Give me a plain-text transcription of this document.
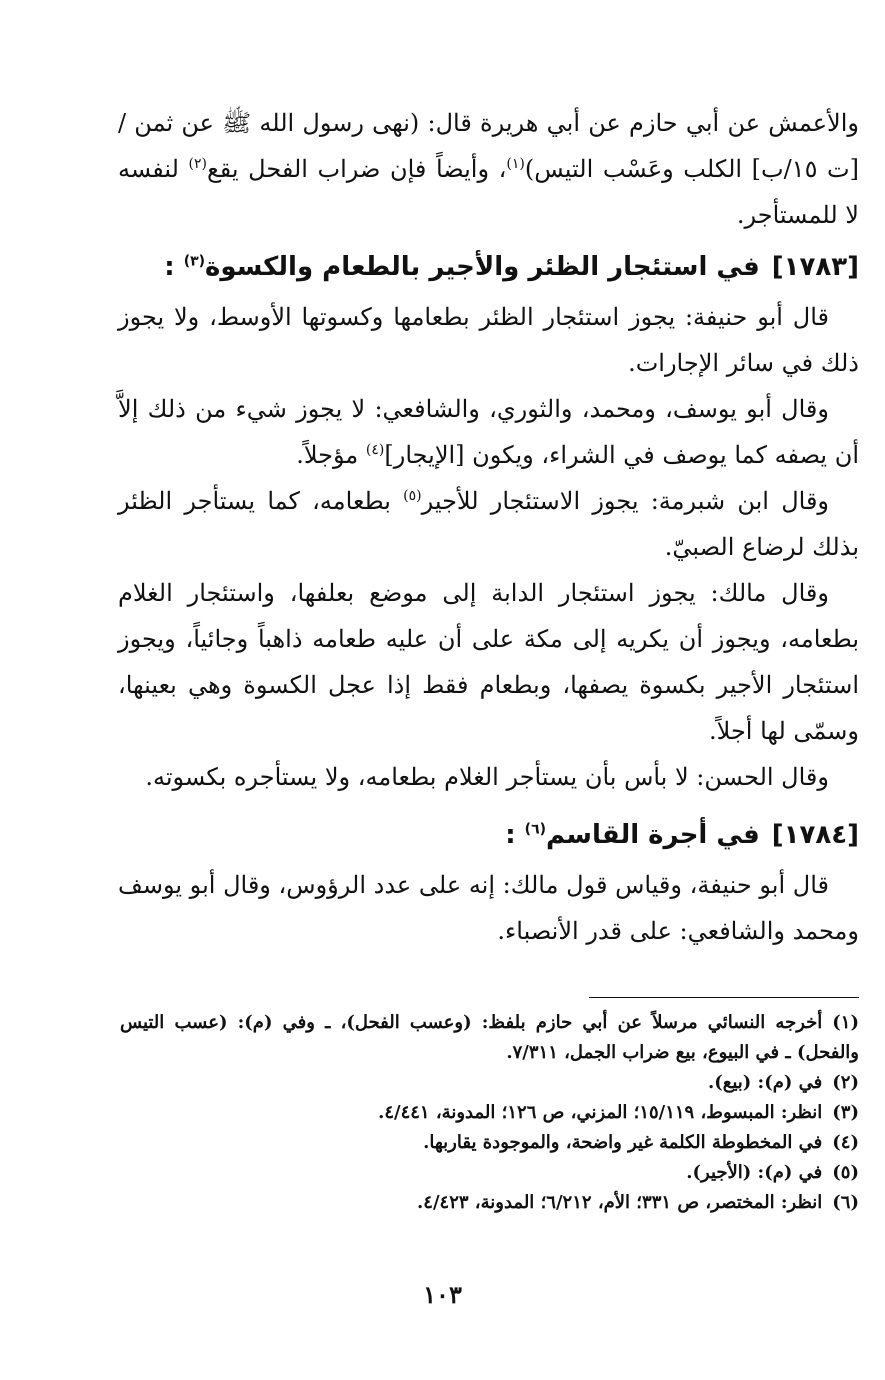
والأعمش عن أبي حازم عن أبي هريرة قال: (نهى رسول الله ﷺ عن ثمن / [ت ١٥/ب] الكلب وعَسْب التيس)$^{(١)}$، وأيضاً فإن ضراب الفحل يقع$^{(٢)}$ لنفسه لا للمستأجر.

[١٧٨٣]في استئجار الظئر والأجير بالطعام والكسوة$^{(٣)}$ :

قال أبو حنيفة: يجوز استئجار الظئر بطعامها وكسوتها الأوسط، ولا يجوز ذلك في سائر الإجارات.

وقال أبو يوسف، ومحمد، والثوري، والشافعي: لا يجوز شيء من ذلك إلاَّ أن يصفه كما يوصف في الشراء، ويكون [الإيجار]$^{(٤)}$ مؤجلاً.

وقال ابن شبرمة: يجوز الاستئجار للأجير$^{(٥)}$ بطعامه، كما يستأجر الظئر بذلك لرضاع الصبيّ.

وقال مالك: يجوز استئجار الدابة إلى موضع بعلفها، واستئجار الغلام بطعامه، ويجوز أن يكريه إلى مكة على أن عليه طعامه ذاهباً وجائياً، ويجوز استئجار الأجير بكسوة يصفها، وبطعام فقط إذا عجل الكسوة وهي بعينها، وسمّى لها أجلاً.

وقال الحسن: لا بأس بأن يستأجر الغلام بطعامه، ولا يستأجره بكسوته.

[١٧٨٤]في أجرة القاسم$^{(٦)}$ :

قال أبو حنيفة، وقياس قول مالك: إنه على عدد الرؤوس، وقال أبو يوسف ومحمد والشافعي: على قدر الأنصباء.

(١)أخرجه النسائي مرسلاً عن أبي حازم بلفظ: (وعسب الفحل)، ـ وفي (م): (عسب التيس والفحل) ـ في البيوع، بيع ضراب الجمل، ٧/٣١١.

(٢)في (م): (بيع).

(٣)انظر: المبسوط، ١٥/١١٩؛ المزني، ص ١٢٦؛ المدونة، ٤/٤٤١.

(٤)في المخطوطة الكلمة غير واضحة، والموجودة يقاربها.

(٥)في (م): (الأجير).

(٦)انظر: المختصر، ص ٣٣١؛ الأم، ٦/٢١٢؛ المدونة، ٤/٤٢٣.

١٠٣
